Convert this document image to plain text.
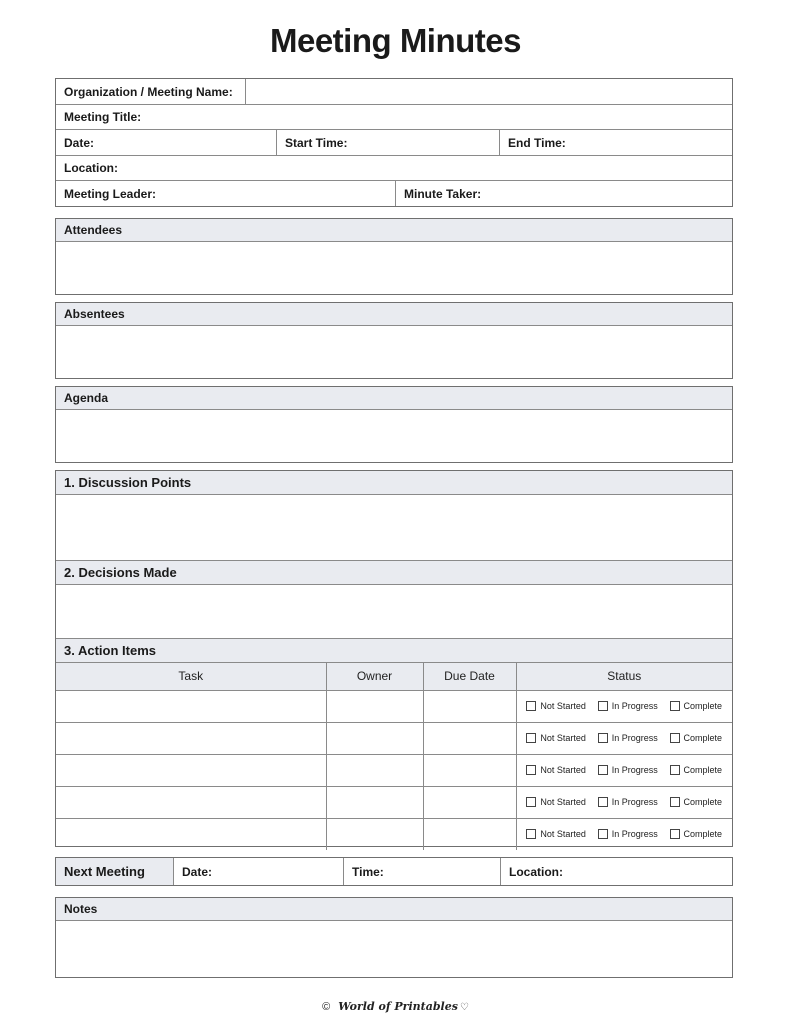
Meeting Minutes
Organization / Meeting Name:
Meeting Title:
Date:	Start Time:	End Time:
Location:
Meeting Leader:	Minute Taker:
Attendees
Absentees
Agenda
1. Discussion Points
2. Decisions Made
3. Action Items
Task	Owner	Due Date	Status

			Not Started In Progress Complete

			Not Started In Progress Complete

			Not Started In Progress Complete

			Not Started In Progress Complete

			Not Started In Progress Complete
Next Meeting	Date:	Time:	Location:
Notes
© World of Printables ♡
